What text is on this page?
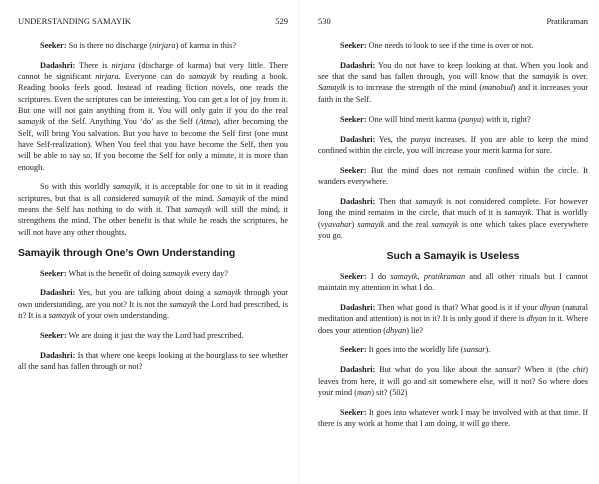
UNDERSTANDING SAMAYIK	529

Seeker: So is there no discharge (nirjara) of karma in this?

Dadashri: There is nirjara (discharge of karma) but very little. There cannot be significant nirjara. Everyone can do samayik by reading a book. Reading books feels good. Instead of reading fiction novels, one reads the scriptures. Even the scriptures can be interesting. You can get a lot of joy from it. But one will not gain anything from it. You will only gain if you do the real samayik of the Self. Anything You ‘do’ as the Self (Atma), after becoming the Self, will bring You salvation. But you have to become the Self first (one must have Self-realization). When You feel that you have become the Self, then you will be able to say so. If you become the Self for only a minute, it is more than enough.

So with this worldly samayik, it is acceptable for one to sit in it reading scriptures, but that is all considered samayik of the mind. Samayik of the mind means the Self has nothing to do with it. That samayik will still the mind, it strengthens the mind. The other benefit is that while he reads the scriptures, he will not have any other thoughts.

Samayik through One’s Own Understanding

Seeker: What is the benefit of doing samayik every day?

Dadashri: Yes, but you are talking about doing a samayik through your own understanding, are you not? It is not the samayik the Lord had prescribed, is it? It is a samayik of your own understanding.

Seeker: We are doing it just the way the Lord had prescribed.

Dadashri: Is that where one keeps looking at the hourglass to see whether all the sand has fallen through or not?

530	Pratikraman

Seeker: One needs to look to see if the time is over or not.

Dadashri: You do not have to keep looking at that. When you look and see that the sand has fallen through, you will know that the samayik is over. Samayik is to increase the strength of the mind (manobud) and it increases your faith in the Self.

Seeker: One will bind merit karma (punya) with it, right?

Dadashri: Yes, the punya increases. If you are able to keep the mind confined within the circle, you will increase your merit karma for sure.

Seeker: But the mind does not remain confined within the circle. It wanders everywhere.

Dadashri: Then that samayik is not considered complete. For however long the mind remains in the circle, that much of it is samayik. That is worldly (vyavahar) samayik and the real samayik is one which takes place everywhere you go.

Such a Samayik is Useless

Seeker: I do samayik, pratikraman and all other rituals but I cannot maintain my attention in what I do.

Dadashri: Then what good is that? What good is it if your dhyan (natural meditation and attention) is not in it? It is only good if there is dhyan in it. Where does your attention (dhyan) lie?

Seeker: It goes into the worldly life (sansar).

Dadashri: But what do you like about the sansar? When it (the chit) leaves from here, it will go and sit somewhere else, will it not? So where does your mind (man) sit? (502)

Seeker: It goes into whatever work I may be involved with at that time. If there is any work at home that I am doing, it will go there.
